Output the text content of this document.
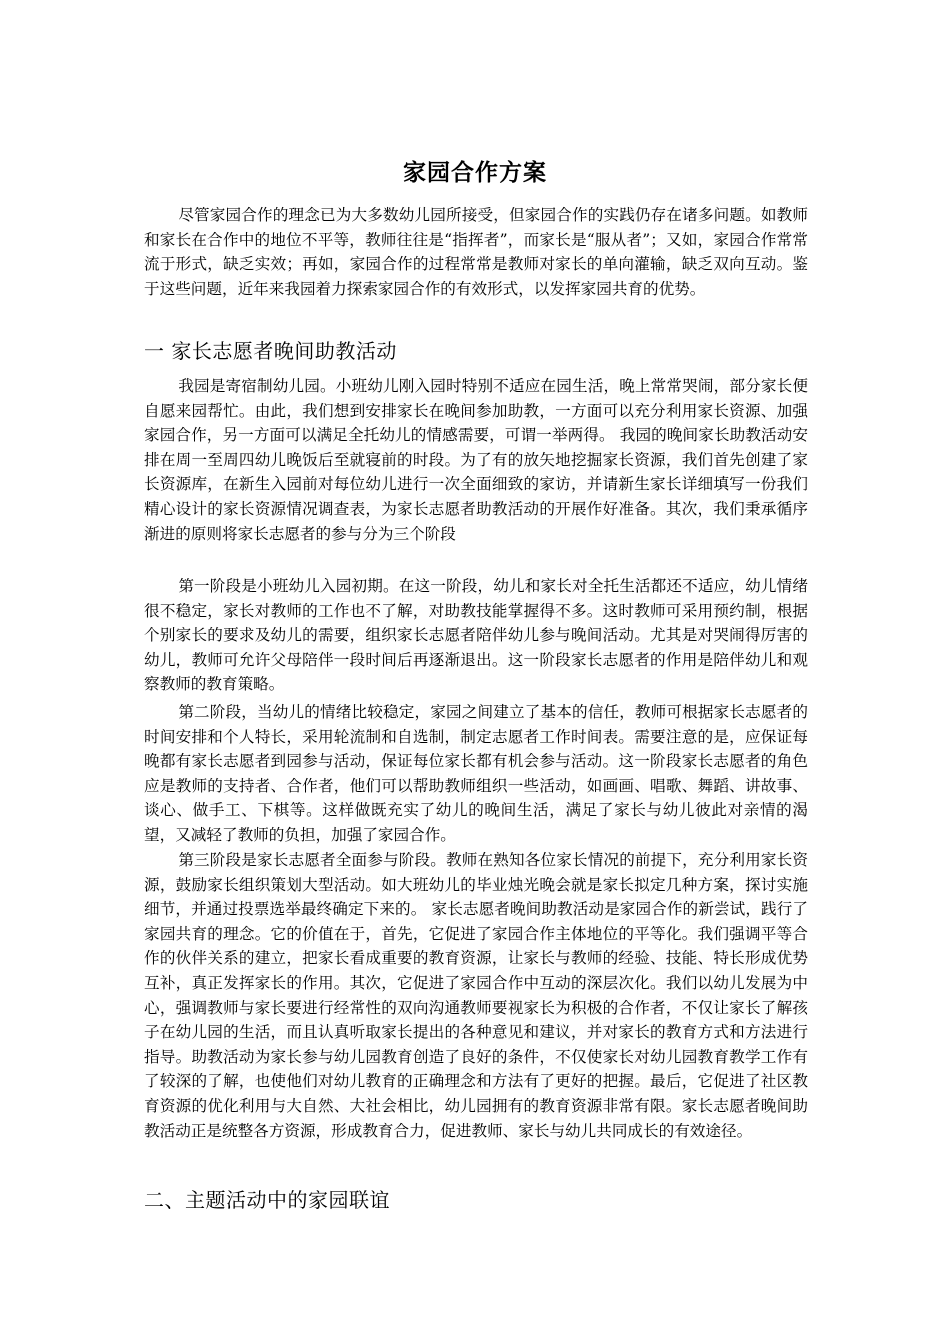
家园合作方案
尽管家园合作的理念已为大多数幼儿园所接受，但家园合作的实践仍存在诸多问题。如教师和家长在合作中的地位不平等，教师往往是“指挥者”，而家长是“服从者”；又如，家园合作常常流于形式，缺乏实效；再如，家园合作的过程常常是教师对家长的单向灌输，缺乏双向互动。鉴于这些问题，近年来我园着力探索家园合作的有效形式，以发挥家园共育的优势。
一 家长志愿者晚间助教活动
我园是寄宿制幼儿园。小班幼儿刚入园时特别不适应在园生活，晚上常常哭闹，部分家长便自愿来园帮忙。由此，我们想到安排家长在晚间参加助教，一方面可以充分利用家长资源、加强家园合作，另一方面可以满足全托幼儿的情感需要，可谓一举两得。 我园的晚间家长助教活动安排在周一至周四幼儿晚饭后至就寝前的时段。为了有的放矢地挖掘家长资源，我们首先创建了家长资源库，在新生入园前对每位幼儿进行一次全面细致的家访，并请新生家长详细填写一份我们精心设计的家长资源情况调查表，为家长志愿者助教活动的开展作好准备。其次，我们秉承循序渐进的原则将家长志愿者的参与分为三个阶段
第一阶段是小班幼儿入园初期。在这一阶段，幼儿和家长对全托生活都还不适应，幼儿情绪很不稳定，家长对教师的工作也不了解，对助教技能掌握得不多。这时教师可采用预约制，根据个别家长的要求及幼儿的需要，组织家长志愿者陪伴幼儿参与晚间活动。尤其是对哭闹得厉害的幼儿，教师可允许父母陪伴一段时间后再逐渐退出。这一阶段家长志愿者的作用是陪伴幼儿和观察教师的教育策略。
第二阶段，当幼儿的情绪比较稳定，家园之间建立了基本的信任，教师可根据家长志愿者的时间安排和个人特长，采用轮流制和自选制，制定志愿者工作时间表。需要注意的是，应保证每晚都有家长志愿者到园参与活动，保证每位家长都有机会参与活动。这一阶段家长志愿者的角色应是教师的支持者、合作者，他们可以帮助教师组织一些活动，如画画、唱歌、舞蹈、讲故事、谈心、做手工、下棋等。这样做既充实了幼儿的晚间生活，满足了家长与幼儿彼此对亲情的渴望，又减轻了教师的负担，加强了家园合作。
第三阶段是家长志愿者全面参与阶段。教师在熟知各位家长情况的前提下，充分利用家长资源，鼓励家长组织策划大型活动。如大班幼儿的毕业烛光晚会就是家长拟定几种方案，探讨实施细节，并通过投票选举最终确定下来的。 家长志愿者晚间助教活动是家园合作的新尝试，践行了家园共育的理念。它的价值在于，首先，它促进了家园合作主体地位的平等化。我们强调平等合作的伙伴关系的建立，把家长看成重要的教育资源，让家长与教师的经验、技能、特长形成优势互补，真正发挥家长的作用。其次，它促进了家园合作中互动的深层次化。我们以幼儿发展为中心，强调教师与家长要进行经常性的双向沟通教师要视家长为积极的合作者，不仅让家长了解孩子在幼儿园的生活，而且认真听取家长提出的各种意见和建议，并对家长的教育方式和方法进行指导。助教活动为家长参与幼儿园教育创造了良好的条件，不仅使家长对幼儿园教育教学工作有了较深的了解，也使他们对幼儿教育的正确理念和方法有了更好的把握。最后，它促进了社区教育资源的优化利用与大自然、大社会相比，幼儿园拥有的教育资源非常有限。家长志愿者晚间助教活动正是统整各方资源，形成教育合力，促进教师、家长与幼儿共同成长的有效途径。
二、主题活动中的家园联谊
